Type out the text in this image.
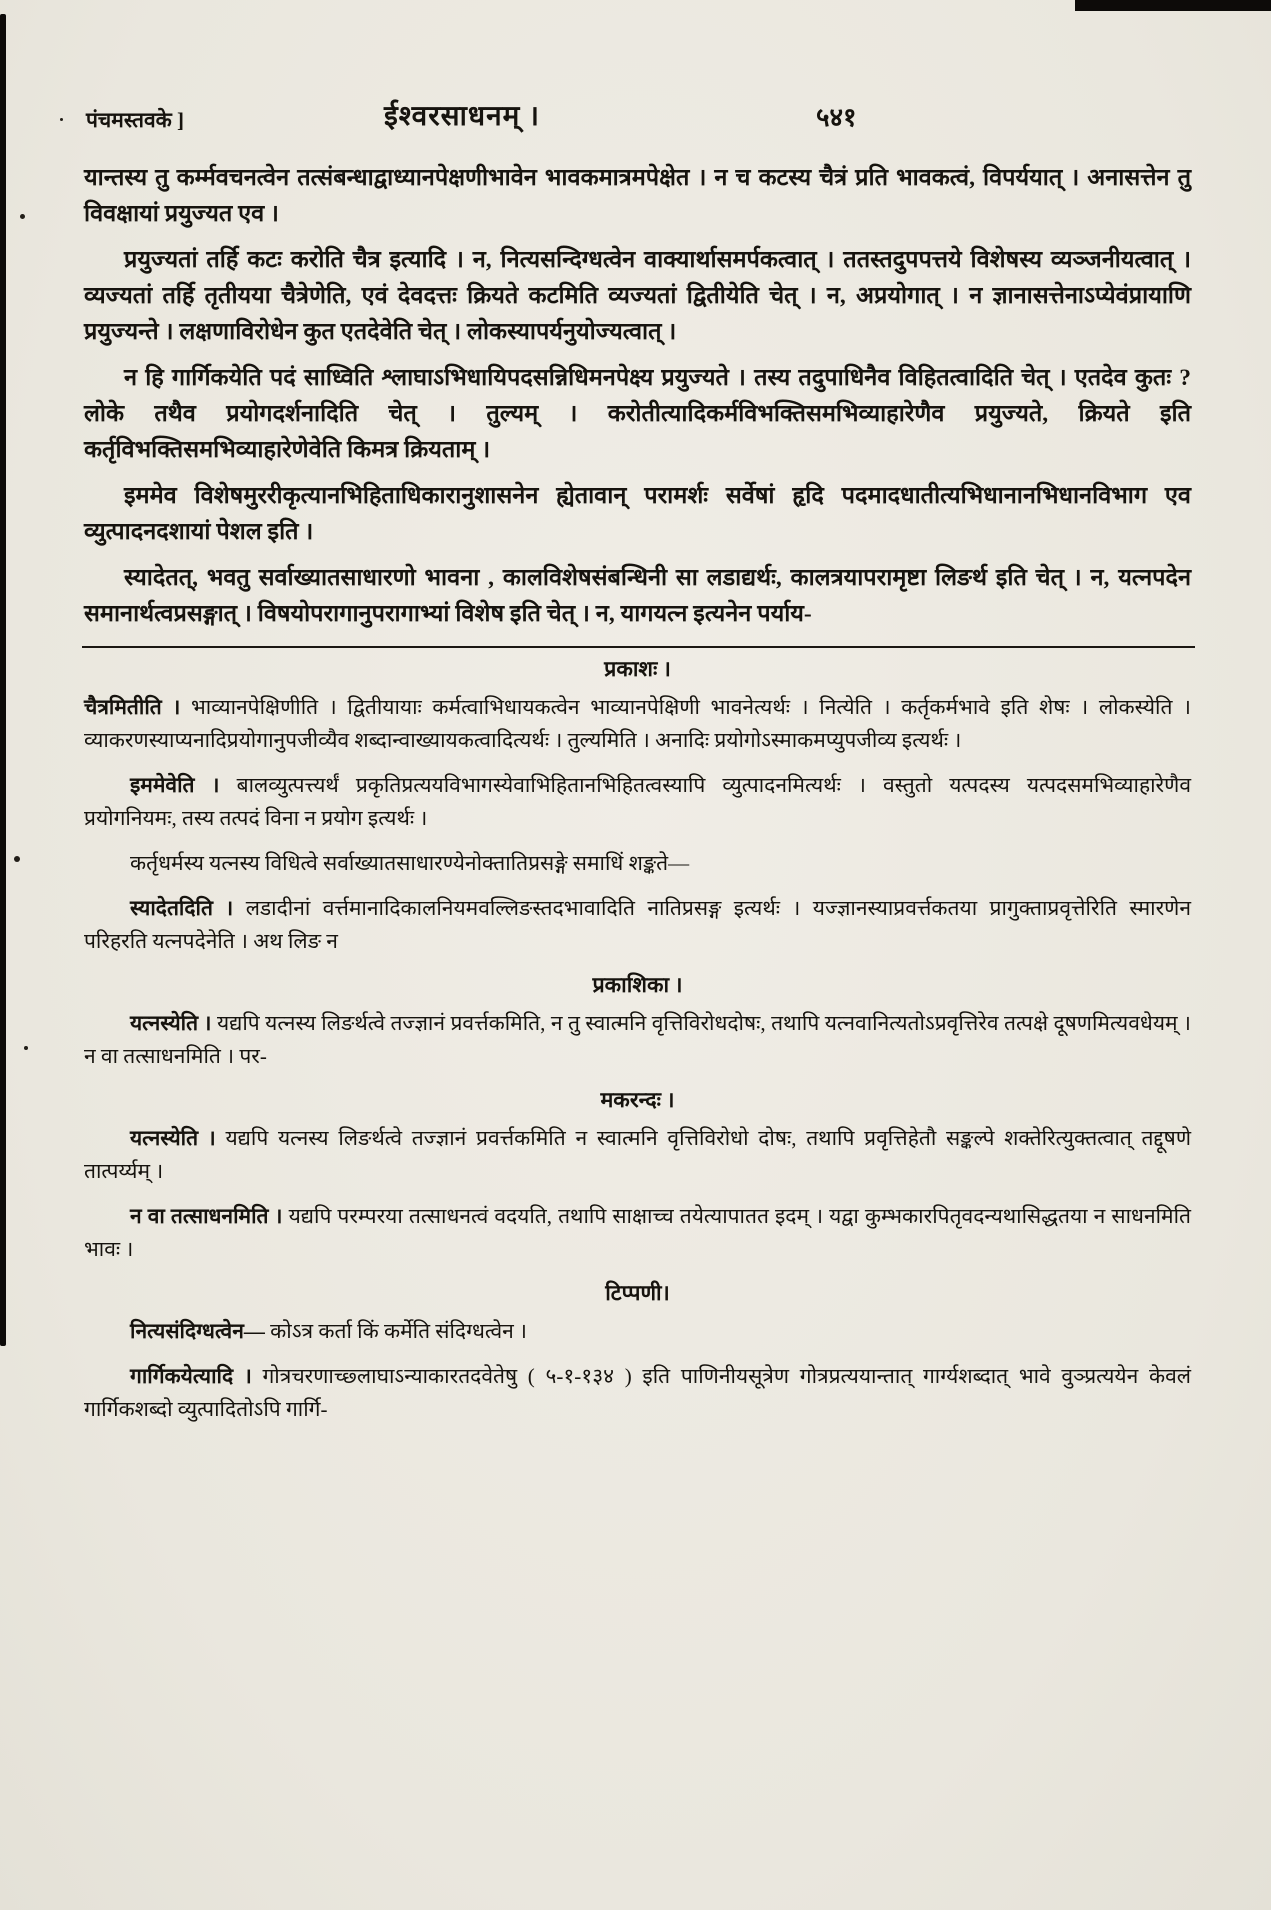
पंचमस्तवके ]	ईश्वरसाधनम् ।	५४१

यान्तस्य तु कर्म्मवचनत्वेन तत्संबन्धाद्वाध्यानपेक्षणीभावेन भावकमात्रमपेक्षेत । न च कटस्य चैत्रं प्रति भावकत्वं, विपर्ययात् । अनासत्तेन तु विवक्षायां प्रयुज्यत एव ।

प्रयुज्यतां तर्हि कटः करोति चैत्र इत्यादि । न, नित्यसन्दिग्धत्वेन वाक्यार्थासमर्पकत्वात् । ततस्तदुपपत्तये विशेषस्य व्यञ्जनीयत्वात् । व्यज्यतां तर्हि तृतीयया चैत्रेणेति, एवं देवदत्तः क्रियते कटमिति व्यज्यतां द्वितीयेति चेत् । न, अप्रयोगात् । न ज्ञानासत्तेनाऽप्येवंप्रायाणि प्रयुज्यन्ते । लक्षणाविरोधेन कुत एतदेवेति चेत् । लोकस्यापर्यनुयोज्यत्वात् ।

न हि गार्गिकयेति पदं साध्विति श्लाघाऽभिधायिपदसन्निधिमनपेक्ष्य प्रयुज्यते । तस्य तदुपाधिनैव विहितत्वादिति चेत् । एतदेव कुतः ? लोके तथैव प्रयोगदर्शनादिति चेत् । तुल्यम् । करोतीत्यादिकर्मविभक्तिसमभिव्याहारेणैव प्रयुज्यते, क्रियते इति कर्तृविभक्तिसमभिव्याहारेणेवेति किमत्र क्रियताम् ।

इममेव विशेषमुररीकृत्यानभिहिताधिकारानुशासनेन ह्येतावान् परामर्शः सर्वेषां हृदि पदमादधातीत्यभिधानानभिधानविभाग एव व्युत्पादनदशायां पेशल इति ।

स्यादेतत्, भवतु सर्वाख्यातसाधारणो भावना , कालविशेषसंबन्धिनी सा लडाद्यर्थः, कालत्रयापरामृष्टा लिङर्थ इति चेत् । न, यत्नपदेन समानार्थत्वप्रसङ्गात् । विषयोपरागानुपरागाभ्यां विशेष इति चेत् । न, यागयत्न इत्यनेन पर्याय-

प्रकाशः ।

चैत्रमितीति । भाव्यानपेक्षिणीति । द्वितीयायाः कर्मत्वाभिधायकत्वेन भाव्यानपेक्षिणी भावनेत्यर्थः । नित्येति । कर्तृकर्मभावे इति शेषः । लोकस्येति । व्याकरणस्याप्यनादिप्रयोगानुपजीव्यैव शब्दान्वाख्यायकत्वादित्यर्थः । तुल्यमिति । अनादिः प्रयोगोऽस्माकमप्युपजीव्य इत्यर्थः ।

इममेवेति । बालव्युत्पत्त्यर्थं प्रकृतिप्रत्ययविभागस्येवाभिहितानभिहितत्वस्यापि व्युत्पादनमित्यर्थः । वस्तुतो यत्पदस्य यत्पदसमभिव्याहारेणैव प्रयोगनियमः, तस्य तत्पदं विना न प्रयोग इत्यर्थः ।

कर्तृधर्मस्य यत्नस्य विधित्वे सर्वाख्यातसाधारण्येनोक्तातिप्रसङ्गे समाधिं शङ्कते—

स्यादेतदिति । लडादीनां वर्त्तमानादिकालनियमवल्लिङस्तदभावादिति नातिप्रसङ्ग इत्यर्थः । यज्ज्ञानस्याप्रवर्त्तकतया प्रागुक्ताप्रवृत्तेरिति स्मारणेन परिहरति यत्नपदेनेति । अथ लिङ न

प्रकाशिका ।

यत्नस्येति । यद्यपि यत्नस्य लिङर्थत्वे तज्ज्ञानं प्रवर्त्तकमिति, न तु स्वात्मनि वृत्तिविरोधदोषः, तथापि यत्नवानित्यतोऽप्रवृत्तिरेव तत्पक्षे दूषणमित्यवधेयम् । न वा तत्साधनमिति । पर-

मकरन्दः ।

यत्नस्येति । यद्यपि यत्नस्य लिङर्थत्वे तज्ज्ञानं प्रवर्त्तकमिति न स्वात्मनि वृत्तिविरोधो दोषः, तथापि प्रवृत्तिहेतौ सङ्कल्पे शक्तेरित्युक्तत्वात् तद्दूषणे तात्पर्य्यम् ।

न वा तत्साधनमिति । यद्यपि परम्परया तत्साधनत्वं वदयति, तथापि साक्षाच्च तयेत्यापातत इदम् । यद्वा कुम्भकारपितृवदन्यथासिद्धतया न साधनमिति भावः ।

टिप्पणी।

नित्यसंदिग्धत्वेन— कोऽत्र कर्ता किं कर्मेति संदिग्धत्वेन ।

गार्गिकयेत्यादि । गोत्रचरणाच्छ्लाघाऽन्याकारतदवेतेषु ( ५-१-१३४ ) इति पाणिनीयसूत्रेण गोत्रप्रत्ययान्तात् गार्ग्यशब्दात् भावे वुञ्प्रत्ययेन केवलं गार्गिकशब्दो व्युत्पादितोऽपि गार्गि-
